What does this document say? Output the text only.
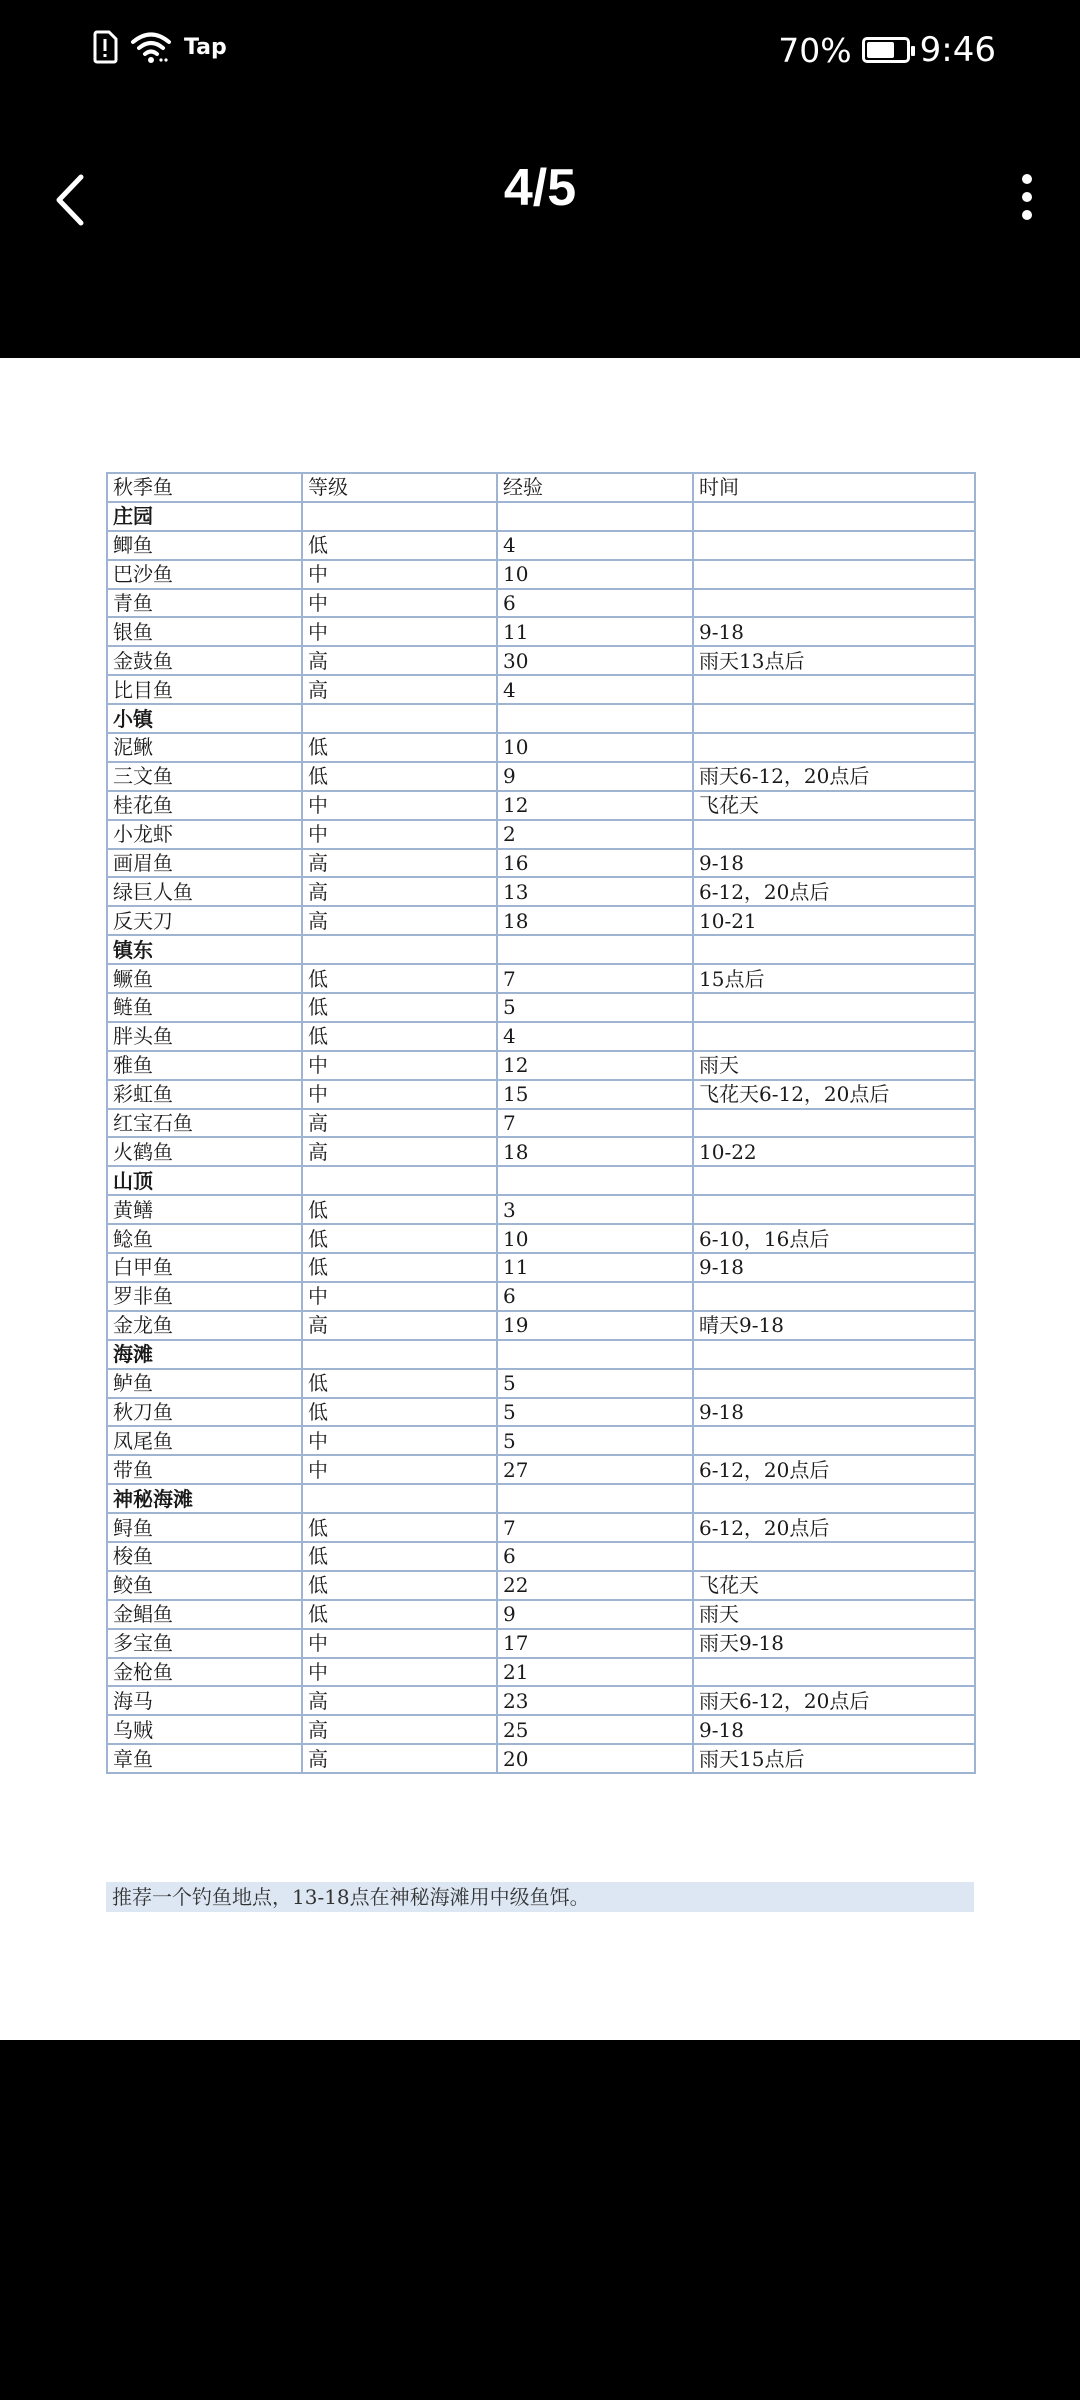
Tap	70% 9:46
4/5
秋季鱼	等级	经验	时间
庄园			
鲫鱼	低	4	
巴沙鱼	中	10	
青鱼	中	6	
银鱼	中	11	9-18
金鼓鱼	高	30	雨天13点后
比目鱼	高	4	
小镇			
泥鳅	低	10	
三文鱼	低	9	雨天6-12，20点后
桂花鱼	中	12	飞花天
小龙虾	中	2	
画眉鱼	高	16	9-18
绿巨人鱼	高	13	6-12，20点后
反天刀	高	18	10-21
镇东			
鳜鱼	低	7	15点后
鲢鱼	低	5	
胖头鱼	低	4	
雅鱼	中	12	雨天
彩虹鱼	中	15	飞花天6-12，20点后
红宝石鱼	高	7	
火鹤鱼	高	18	10-22
山顶			
黄鳝	低	3	
鲶鱼	低	10	6-10，16点后
白甲鱼	低	11	9-18
罗非鱼	中	6	
金龙鱼	高	19	晴天9-18
海滩			
鲈鱼	低	5	
秋刀鱼	低	5	9-18
凤尾鱼	中	5	
带鱼	中	27	6-12，20点后
神秘海滩			
鲟鱼	低	7	6-12，20点后
梭鱼	低	6	
鲛鱼	低	22	飞花天
金鲳鱼	低	9	雨天
多宝鱼	中	17	雨天9-18
金枪鱼	中	21	
海马	高	23	雨天6-12，20点后
乌贼	高	25	9-18
章鱼	高	20	雨天15点后
推荐一个钓鱼地点，13-18点在神秘海滩用中级鱼饵。
